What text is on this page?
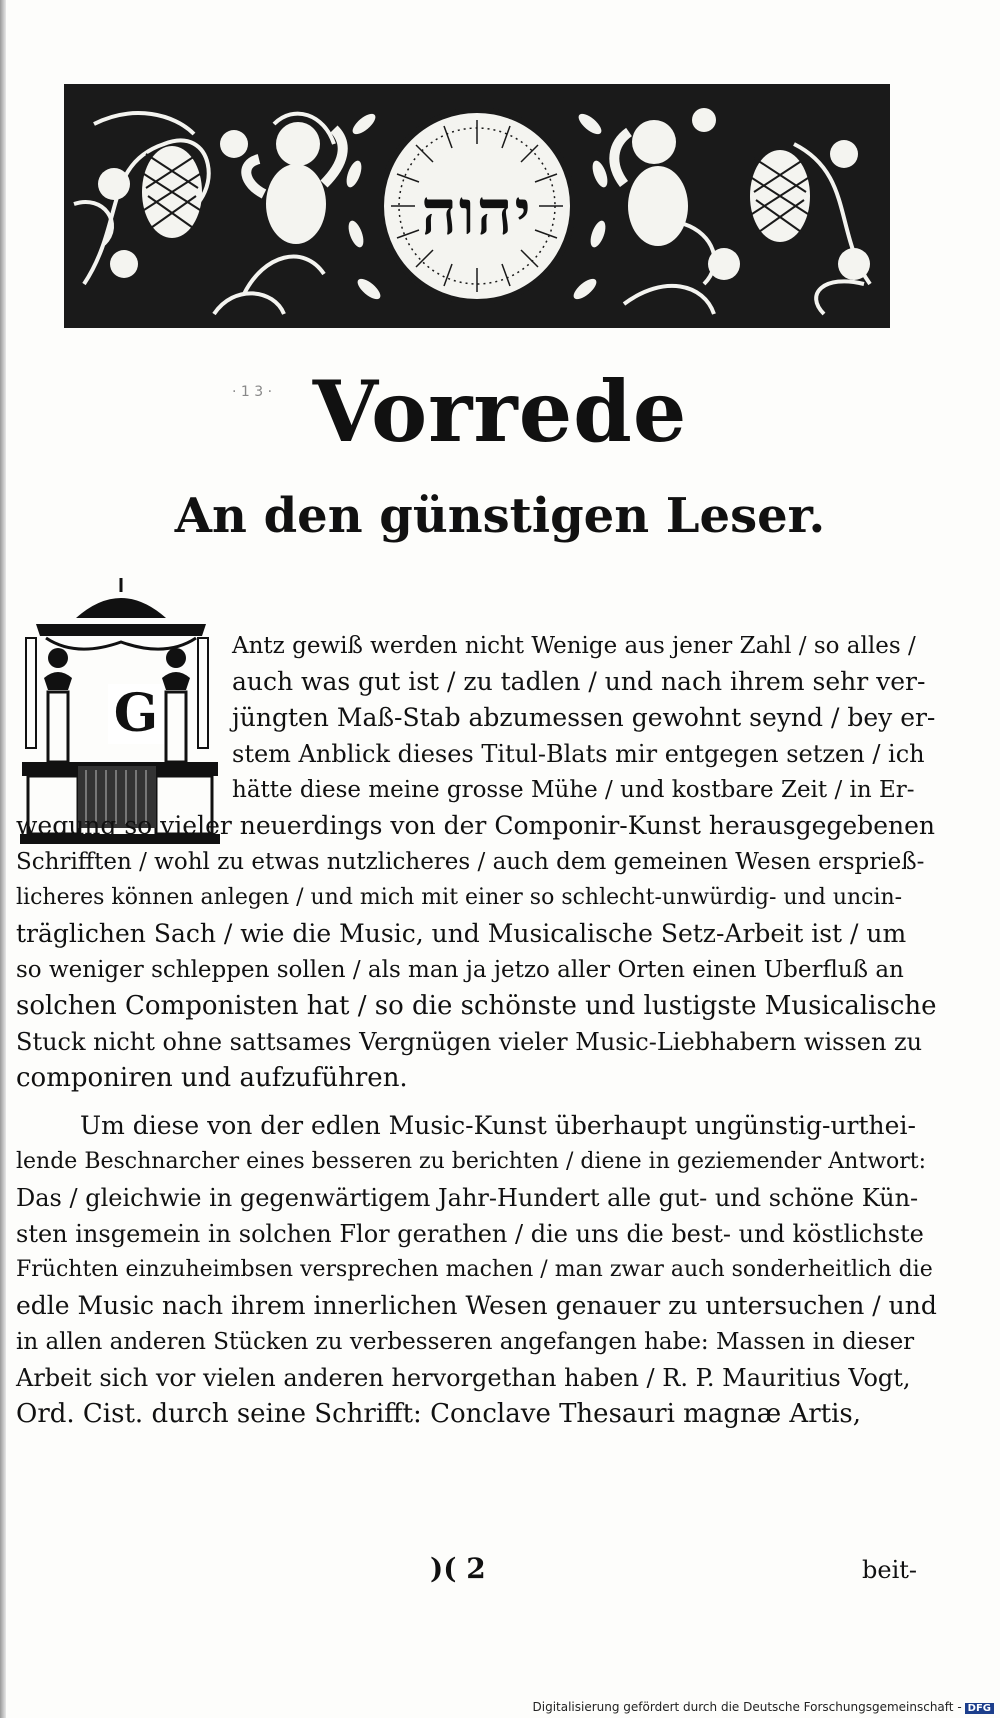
יהוה
· 1 3 · Vorrede
An den günstigen Leser.
G
Antz gewiß werden nicht Wenige aus jener Zahl / so alles /
auch was gut ist / zu tadlen / und nach ihrem sehr ver-
jüngten Maß-Stab abzumessen gewohnt seynd / bey er-
stem Anblick dieses Titul-Blats mir entgegen setzen / ich
hätte diese meine grosse Mühe / und kostbare Zeit / in Er-
wegung so vieler neuerdings von der Componir-Kunst herausgegebenen
Schrifften / wohl zu etwas nutzlicheres / auch dem gemeinen Wesen ersprieß-
licheres können anlegen / und mich mit einer so schlecht-unwürdig- und uncin-
träglichen Sach / wie die Music, und Musicalische Setz-Arbeit ist / um
so weniger schleppen sollen / als man ja jetzo aller Orten einen Uberfluß an
solchen Componisten hat / so die schönste und lustigste Musicalische
Stuck nicht ohne sattsames Vergnügen vieler Music-Liebhabern wissen zu
componiren und aufzuführen.
Um diese von der edlen Music-Kunst überhaupt ungünstig-urthei-
lende Beschnarcher eines besseren zu berichten / diene in geziemender Antwort:
Das / gleichwie in gegenwärtigem Jahr-Hundert alle gut- und schöne Kün-
sten insgemein in solchen Flor gerathen / die uns die best- und köstlichste
Früchten einzuheimbsen versprechen machen / man zwar auch sonderheitlich die
edle Music nach ihrem innerlichen Wesen genauer zu untersuchen / und
in allen anderen Stücken zu verbesseren angefangen habe: Massen in dieser
Arbeit sich vor vielen anderen hervorgethan haben / R. P. Mauritius Vogt,
Ord. Cist. durch seine Schrifft: Conclave Thesauri magnæ Artis,
)( 2	beit-
Digitalisierung gefördert durch die Deutsche Forschungsgemeinschaft - DFG
